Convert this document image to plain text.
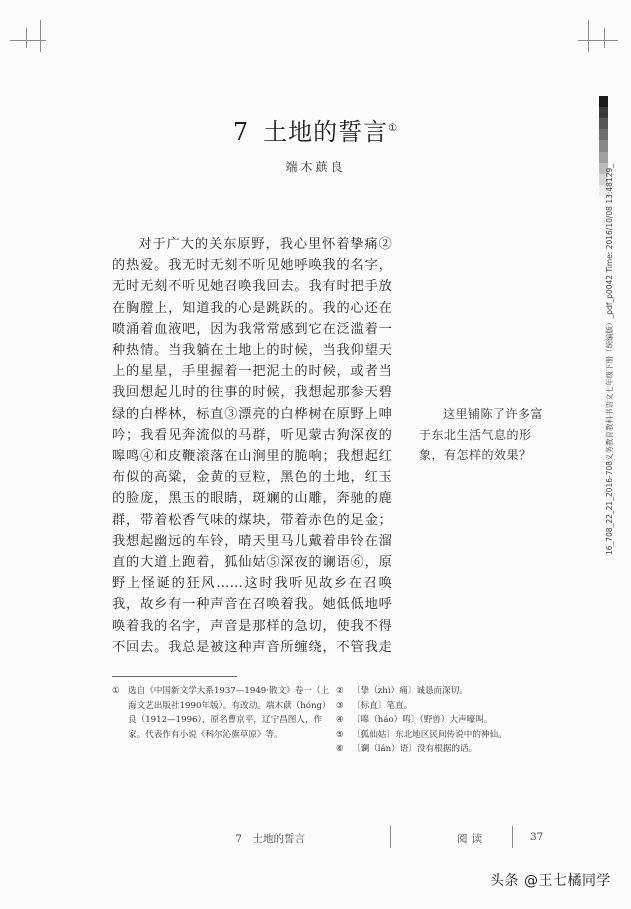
7 土地的誓言①
端木蕻良

对于广大的关东原野，我心里怀着挚痛②的热爱。我无时无刻不听见她呼唤我的名字，无时无刻不听见她召唤我回去。我有时把手放在胸膛上，知道我的心是跳跃的。我的心还在喷涌着血液吧，因为我常常感到它在泛滥着一种热情。当我躺在土地上的时候，当我仰望天上的星星，手里握着一把泥土的时候，或者当我回想起儿时的往事的时候，我想起那参天碧绿的白桦林，标直③漂亮的白桦树在原野上呻吟；我看见奔流似的马群，听见蒙古狗深夜的嗥鸣④和皮鞭滚落在山涧里的脆响；我想起红布似的高粱，金黄的豆粒，黑色的土地，红玉的脸庞，黑玉的眼睛，斑斓的山雕，奔驰的鹿群，带着松香气味的煤块，带着赤色的足金；我想起幽远的车铃，晴天里马儿戴着串铃在溜直的大道上跑着，狐仙姑⑤深夜的谰语⑥，原野上怪诞的狂风……这时我听见故乡在召唤我，故乡有一种声音在召唤着我。她低低地呼唤着我的名字，声音是那样的急切，使我不得不回去。我总是被这种声音所缠绕，不管我走

这里铺陈了许多富于东北生活气息的形象，有怎样的效果？
① 选自《中国新文学大系1937—1949·散文》卷一（上海文艺出版社1990年版）。有改动。端木蕻（hóng）良（1912—1996），原名曹京平，辽宁昌图人，作家。代表作有小说《科尔沁旗草原》等。
② 〔挚（zhì）痛〕诚恳而深切。
③ 〔标直〕笔直。
④ 〔嗥（háo）鸣〕（野兽）大声嚎叫。
⑤ 〔狐仙姑〕东北地区民间传说中的神仙。
⑥ 〔谰（lán）语〕没有根据的话。
7　土地的誓言	阅读	37
16_708_22_21_2016-708义务教育教科书语文七年级下册（统编版）_pdf_p0042 Time: 2016/10/08 13:48129_
头条 @王七橘同学
